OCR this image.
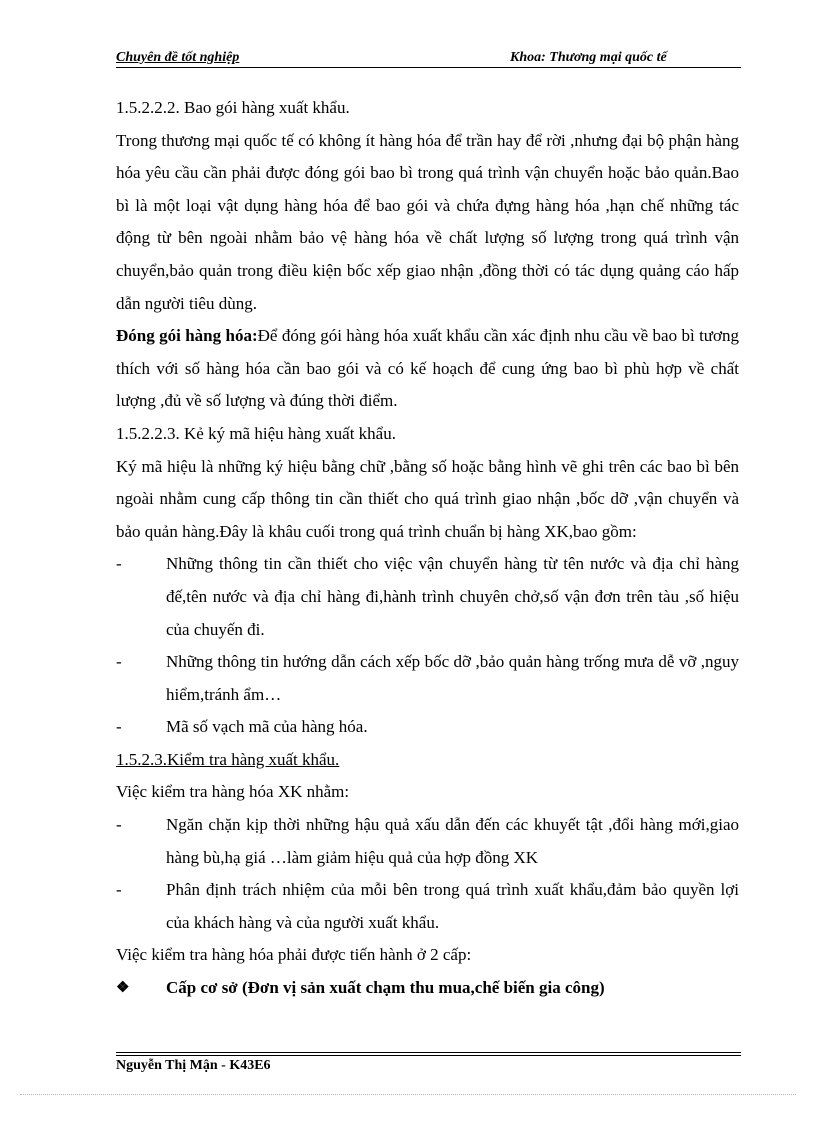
Chuyên đề tốt nghiệp	Khoa: Thương mại quốc tế

1.5.2.2.2. Bao gói hàng xuất khẩu.

Trong thương mại quốc tế có không ít hàng hóa để trần hay để rời ,nhưng đại bộ phận hàng hóa yêu cầu cần phải được đóng gói bao bì trong quá trình vận chuyển hoặc bảo quản.Bao bì là một loại vật dụng hàng hóa để bao gói và chứa đựng hàng hóa ,hạn chế những tác động từ bên ngoài nhằm bảo vệ hàng hóa về chất lượng số lượng trong quá trình vận chuyển,bảo quản trong điều kiện bốc xếp giao nhận ,đồng thời có tác dụng quảng cáo hấp dẫn người tiêu dùng.

Đóng gói hàng hóa:Để đóng gói hàng hóa xuất khẩu cần xác định nhu cầu về bao bì tương thích với số hàng hóa cần bao gói và có kế hoạch để cung ứng bao bì phù hợp về chất lượng ,đủ về số lượng và đúng thời điểm.

1.5.2.2.3. Kẻ ký mã hiệu hàng xuất khẩu.

Ký mã hiệu là những ký hiệu bằng chữ ,bằng số hoặc bằng hình vẽ ghi trên các bao bì bên ngoài nhằm cung cấp thông tin cần thiết cho quá trình giao nhận ,bốc dỡ ,vận chuyển và bảo quản hàng.Đây là khâu cuối trong quá trình chuẩn bị hàng XK,bao gồm:

-	Những thông tin cần thiết cho việc vận chuyển hàng từ tên nước và địa chỉ hàng đế,tên nước và địa chỉ hàng đi,hành trình chuyên chở,số vận đơn trên tàu ,số hiệu của chuyến đi.
-	Những thông tin hướng dẫn cách xếp bốc dỡ ,bảo quản hàng trống mưa dễ vỡ ,nguy hiểm,tránh ẩm…
-	Mã số vạch mã của hàng hóa.

1.5.2.3.Kiểm tra hàng xuất khẩu.

Việc kiểm tra hàng hóa XK nhằm:

-	Ngăn chặn kịp thời những hậu quả xấu dẫn đến các khuyết tật ,đổi hàng mới,giao hàng bù,hạ giá …làm giảm hiệu quả của hợp đồng XK
-	Phân định trách nhiệm của mỗi bên trong quá trình xuất khẩu,đảm bảo quyền lợi của khách hàng và của người xuất khẩu.

Việc kiểm tra hàng hóa phải được tiến hành ở 2 cấp:

❖	Cấp cơ sở (Đơn vị sản xuất chạm thu mua,chế biến gia công)
Nguyễn Thị Mận - K43E6
